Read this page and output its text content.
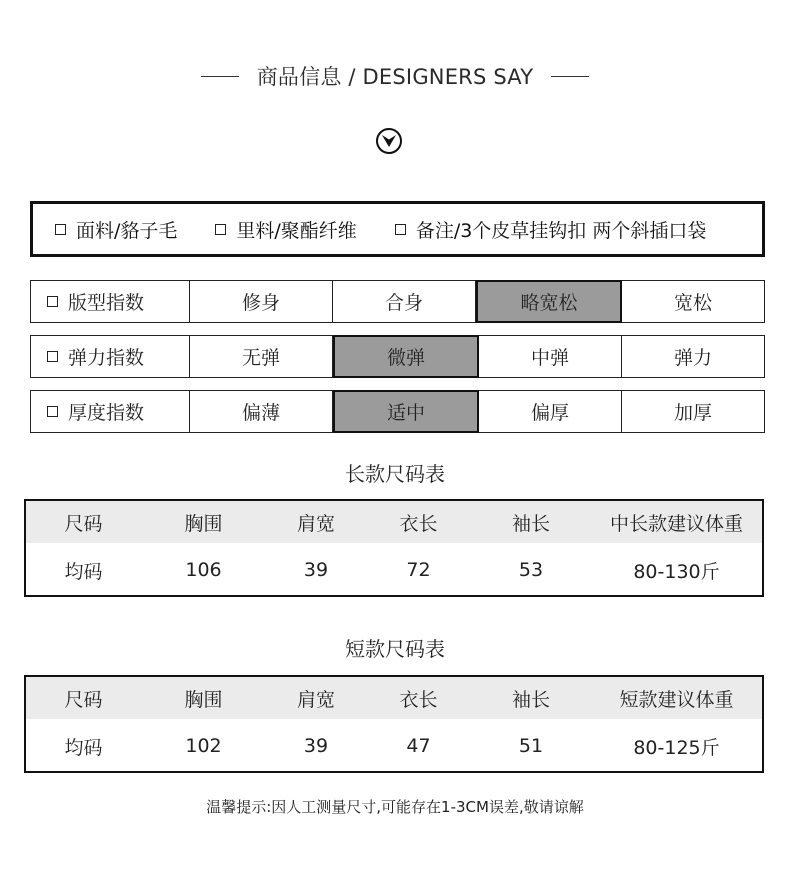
商品信息 / DESIGNERS SAY
面料/貉子毛	里料/聚酯纤维	备注/3个皮草挂钩扣 两个斜插口袋
版型指数	修身	合身	略宽松	宽松
弹力指数	无弹	微弹	中弹	弹力
厚度指数	偏薄	适中	偏厚	加厚
长款尺码表
尺码	胸围	肩宽	衣长	袖长	中长款建议体重
均码	106	39	72	53	80-130斤
短款尺码表
尺码	胸围	肩宽	衣长	袖长	短款建议体重
均码	102	39	47	51	80-125斤
温馨提示:因人工测量尺寸,可能存在1-3CM误差,敬请谅解
